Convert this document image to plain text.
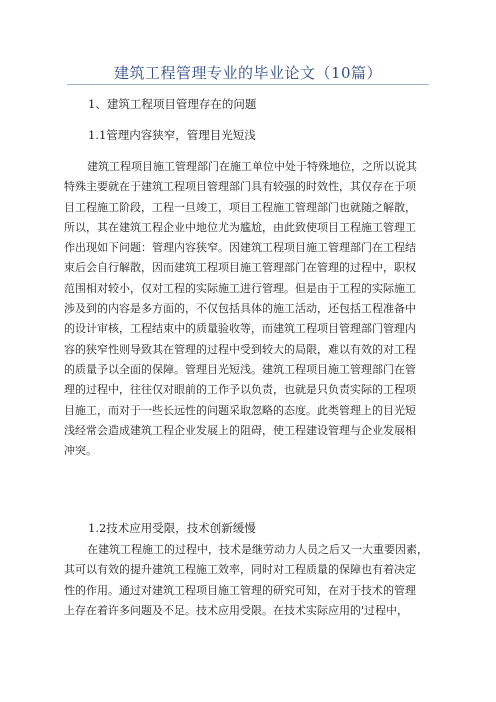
建筑工程管理专业的毕业论文（10篇）
1、建筑工程项目管理存在的问题
1.1管理内容狭窄，管理目光短浅
建筑工程项目施工管理部门在施工单位中处于特殊地位，之所以说其
特殊主要就在于建筑工程项目管理部门具有较强的时效性，其仅存在于项
目工程施工阶段，工程一旦竣工，项目工程施工管理部门也就随之解散，
所以，其在建筑工程企业中地位尤为尴尬，由此致使项目工程施工管理工
作出现如下问题：管理内容狭窄。因建筑工程项目施工管理部门在工程结
束后会自行解散，因而建筑工程项目施工管理部门在管理的过程中，职权
范围相对较小，仅对工程的实际施工进行管理。但是由于工程的实际施工
涉及到的内容是多方面的，不仅包括具体的施工活动，还包括工程准备中
的设计审核，工程结束中的质量验收等，而建筑工程项目管理部门管理内
容的狭窄性则导致其在管理的过程中受到较大的局限，难以有效的对工程
的质量予以全面的保障。管理目光短浅。建筑工程项目施工管理部门在管
理的过程中，往往仅对眼前的工作予以负责，也就是只负责实际的工程项
目施工，而对于一些长远性的问题采取忽略的态度。此类管理上的目光短
浅经常会造成建筑工程企业发展上的阻碍，使工程建设管理与企业发展相
冲突。
1.2技术应用受限，技术创新缓慢
在建筑工程施工的过程中，技术是继劳动力人员之后又一大重要因素，
其可以有效的提升建筑工程施工效率，同时对工程质量的保障也有着决定
性的作用。通过对建筑工程项目施工管理的研究可知，在对于技术的管理
上存在着许多问题及不足。技术应用受限。在技术实际应用的'过程中，
